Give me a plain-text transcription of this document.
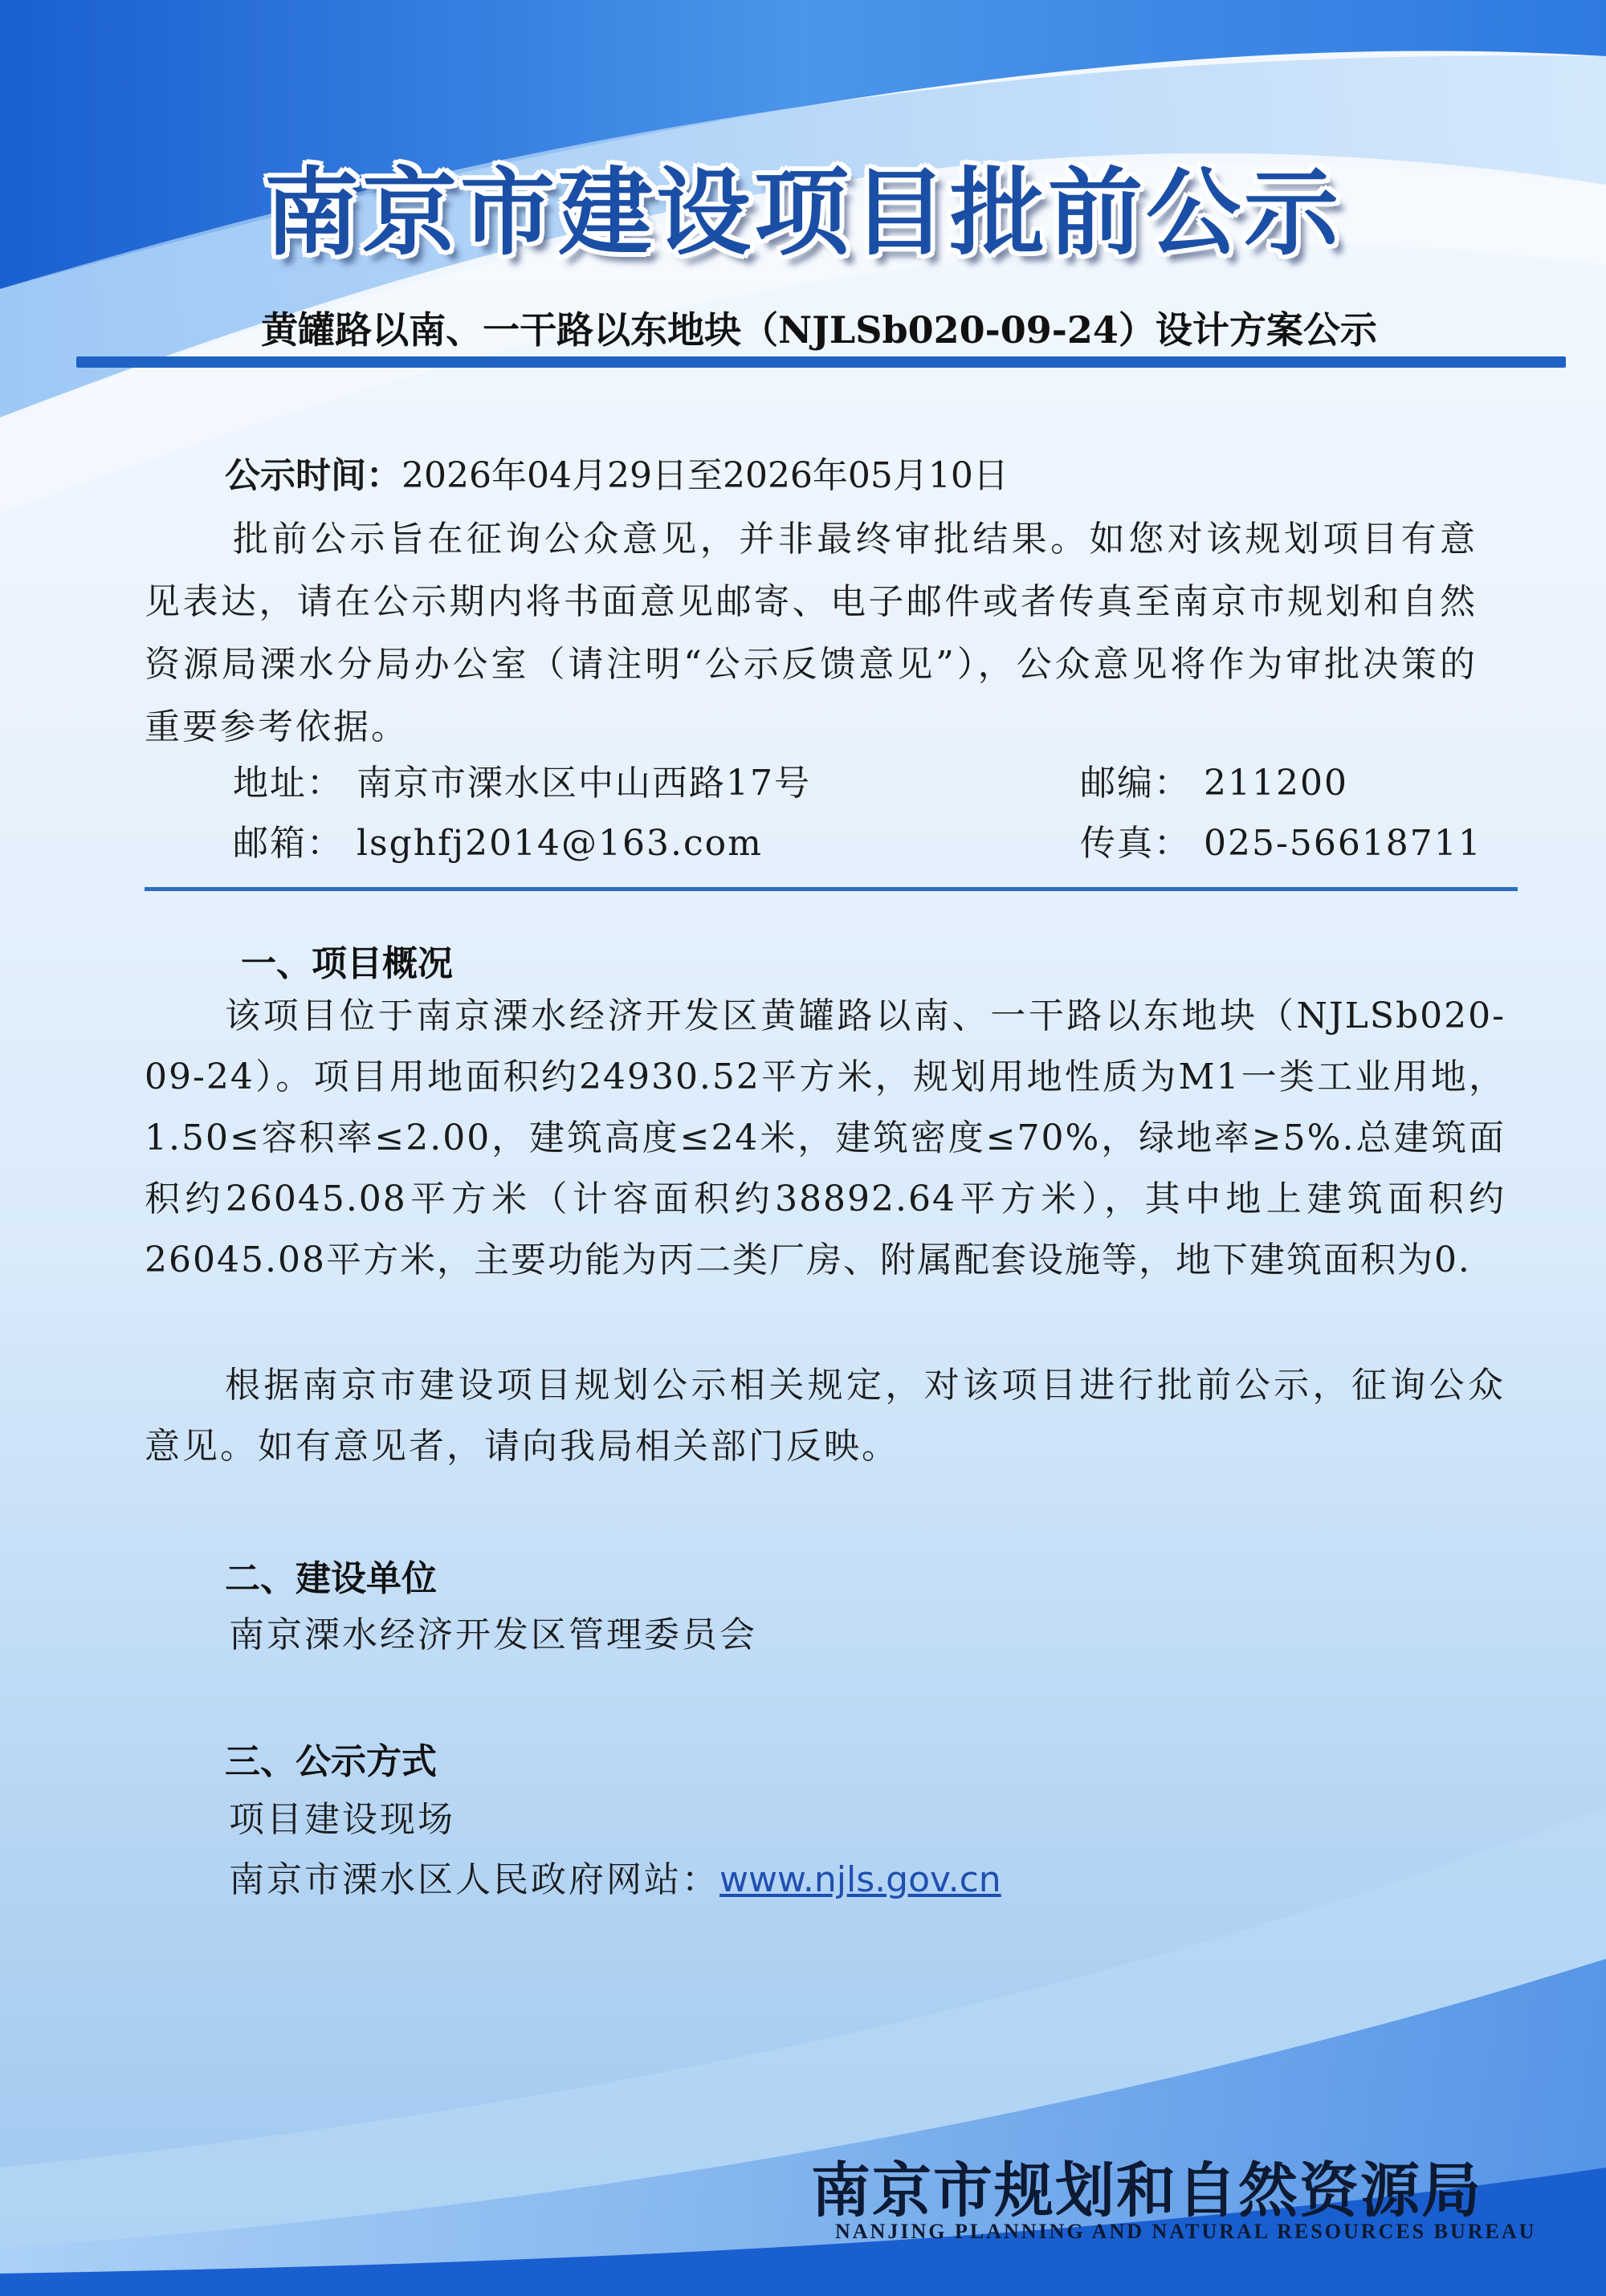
南京市建设项目批前公示
黄罐路以南、一干路以东地块（NJLSb020-09-24）设计方案公示
公示时间：2026年04月29日至2026年05月10日
批前公示旨在征询公众意见，并非最终审批结果。如您对该规划项目有意见表达，请在公示期内将书面意见邮寄、电子邮件或者传真至南京市规划和自然资源局溧水分局办公室（请注明“公示反馈意见”），公众意见将作为审批决策的重要参考依据。
地址： 南京市溧水区中山西路17号	邮编： 211200
邮箱： lsghfj2014@163.com	传真： 025-56618711
一、项目概况
该项目位于南京溧水经济开发区黄罐路以南、一干路以东地块（NJLSb020-09-24）。项目用地面积约24930.52平方米，规划用地性质为M1一类工业用地，1.50≤容积率≤2.00，建筑高度≤24米，建筑密度≤70%，绿地率≥5%.总建筑面积约26045.08平方米（计容面积约38892.64平方米），其中地上建筑面积约26045.08平方米，主要功能为丙二类厂房、附属配套设施等，地下建筑面积为0.
根据南京市建设项目规划公示相关规定，对该项目进行批前公示，征询公众意见。如有意见者，请向我局相关部门反映。
二、建设单位
南京溧水经济开发区管理委员会
三、公示方式
项目建设现场
南京市溧水区人民政府网站：www.njls.gov.cn
南京市规划和自然资源局
NANJING PLANNING AND NATURAL RESOURCES BUREAU
